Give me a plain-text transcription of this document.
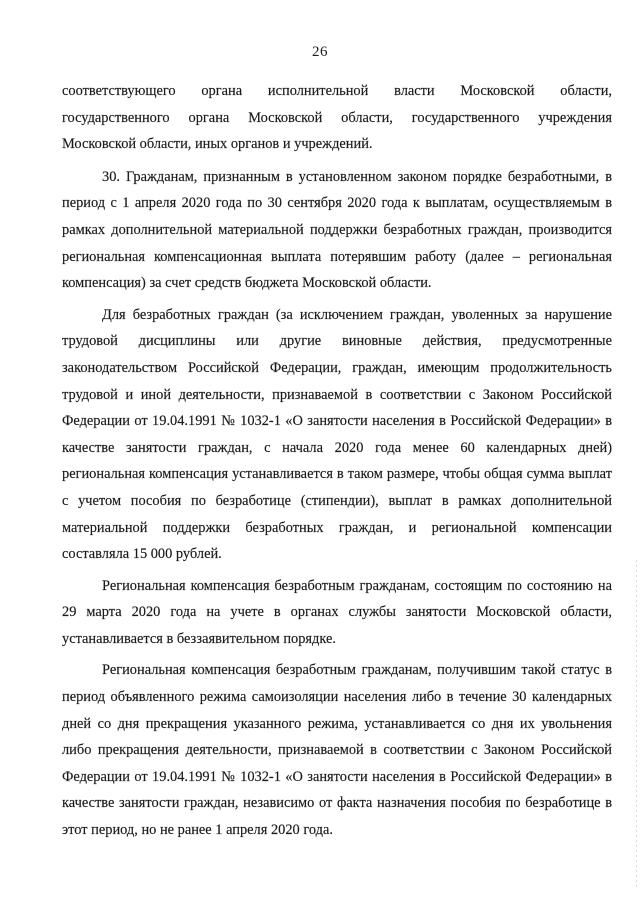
26

соответствующего органа исполнительной власти Московской области, государственного органа Московской области, государственного учреждения Московской области, иных органов и учреждений.

30. Гражданам, признанным в установленном законом порядке безработными, в период с 1 апреля 2020 года по 30 сентября 2020 года к выплатам, осуществляемым в рамках дополнительной материальной поддержки безработных граждан, производится региональная компенсационная выплата потерявшим работу (далее – региональная компенсация) за счет средств бюджета Московской области.

Для безработных граждан (за исключением граждан, уволенных за нарушение трудовой дисциплины или другие виновные действия, предусмотренные законодательством Российской Федерации, граждан, имеющим продолжительность трудовой и иной деятельности, признаваемой в соответствии с Законом Российской Федерации от 19.04.1991 № 1032-1 «О занятости населения в Российской Федерации» в качестве занятости граждан, с начала 2020 года менее 60 календарных дней) региональная компенсация устанавливается в таком размере, чтобы общая сумма выплат с учетом пособия по безработице (стипендии), выплат в рамках дополнительной материальной поддержки безработных граждан, и региональной компенсации составляла 15 000 рублей.

Региональная компенсация безработным гражданам, состоящим по состоянию на 29 марта 2020 года на учете в органах службы занятости Московской области, устанавливается в беззаявительном порядке.

Региональная компенсация безработным гражданам, получившим такой статус в период объявленного режима самоизоляции населения либо в течение 30 календарных дней со дня прекращения указанного режима, устанавливается со дня их увольнения либо прекращения деятельности, признаваемой в соответствии с Законом Российской Федерации от 19.04.1991 № 1032-1 «О занятости населения в Российской Федерации» в качестве занятости граждан, независимо от факта назначения пособия по безработице в этот период, но не ранее 1 апреля 2020 года.
